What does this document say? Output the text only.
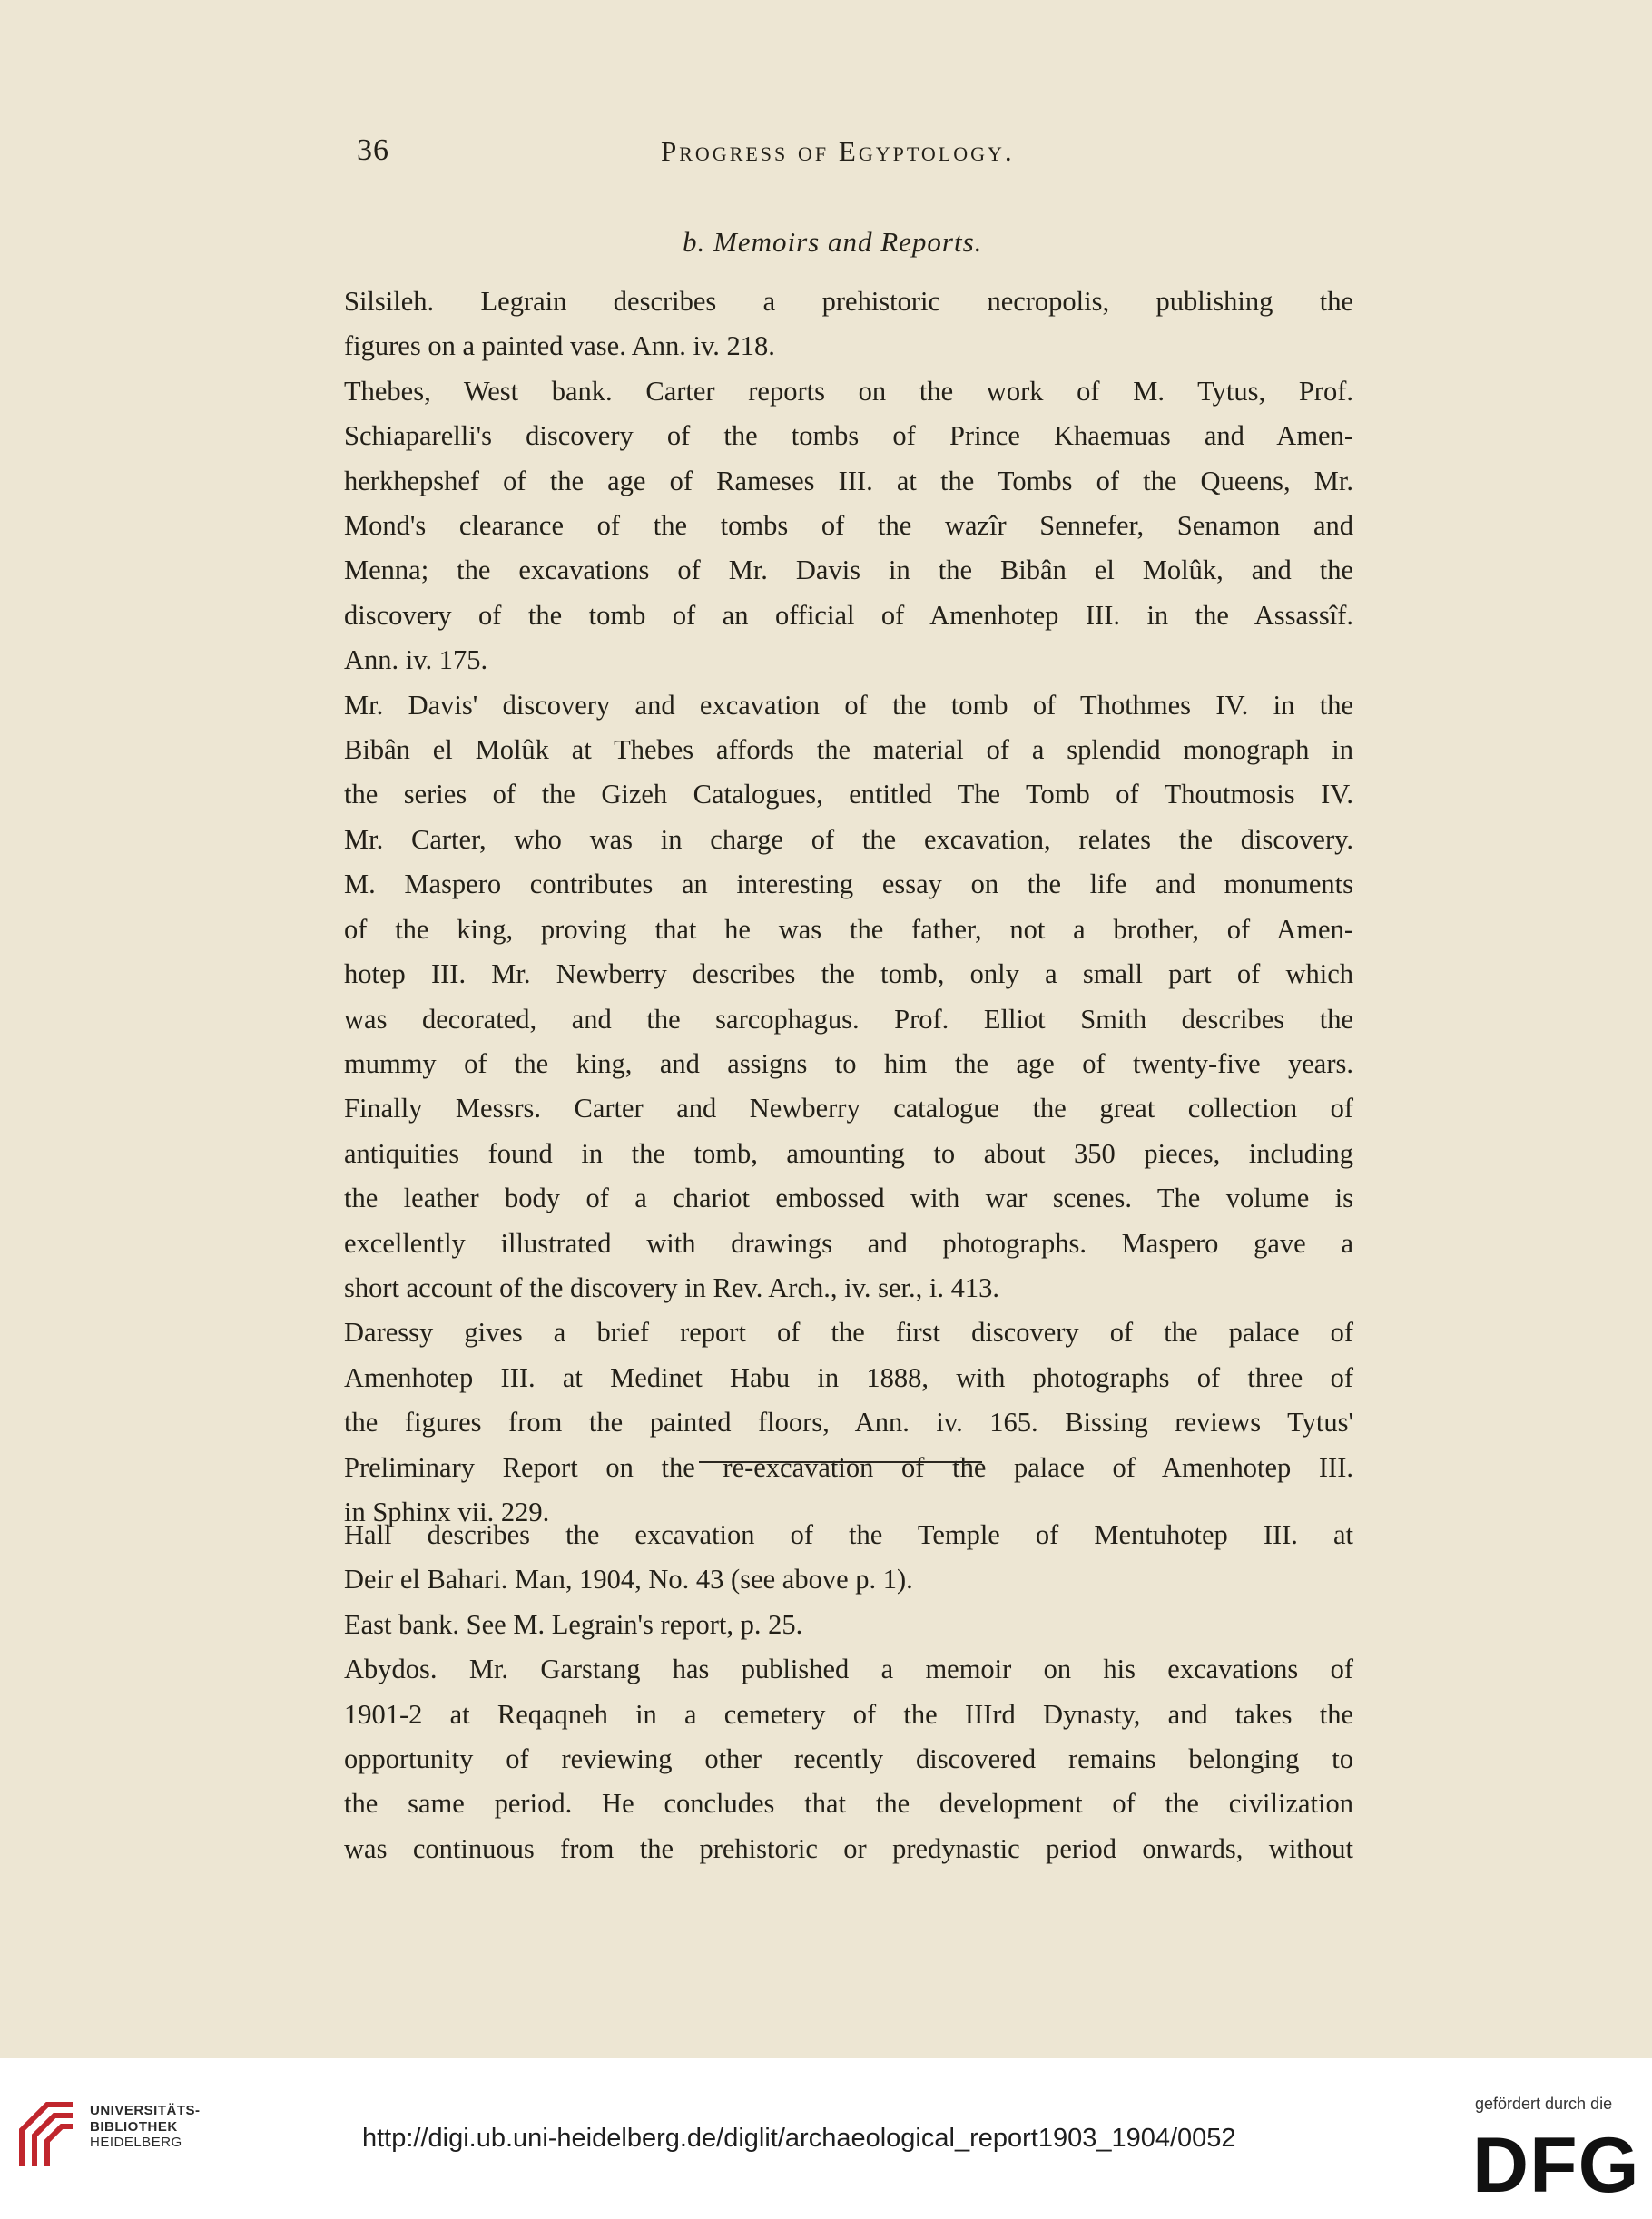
36	Progress of Egyptology.
b. Memoirs and Reports.
Silsileh. Legrain describes a prehistoric necropolis, publishing the
figures on a painted vase. Ann. iv. 218.
Thebes, West bank. Carter reports on the work of M. Tytus, Prof.
Schiaparelli's discovery of the tombs of Prince Khaemuas and Amen-
herkhepshef of the age of Rameses III. at the Tombs of the Queens, Mr.
Mond's clearance of the tombs of the wazîr Sennefer, Senamon and
Menna; the excavations of Mr. Davis in the Bibân el Molûk, and the
discovery of the tomb of an official of Amenhotep III. in the Assassîf.
Ann. iv. 175.
Mr. Davis' discovery and excavation of the tomb of Thothmes IV. in the
Bibân el Molûk at Thebes affords the material of a splendid monograph in
the series of the Gizeh Catalogues, entitled The Tomb of Thoutmosis IV.
Mr. Carter, who was in charge of the excavation, relates the discovery.
M. Maspero contributes an interesting essay on the life and monuments
of the king, proving that he was the father, not a brother, of Amen-
hotep III. Mr. Newberry describes the tomb, only a small part of which
was decorated, and the sarcophagus. Prof. Elliot Smith describes the
mummy of the king, and assigns to him the age of twenty-five years.
Finally Messrs. Carter and Newberry catalogue the great collection of
antiquities found in the tomb, amounting to about 350 pieces, including
the leather body of a chariot embossed with war scenes. The volume is
excellently illustrated with drawings and photographs. Maspero gave a
short account of the discovery in Rev. Arch., iv. ser., i. 413.
Daressy gives a brief report of the first discovery of the palace of
Amenhotep III. at Medinet Habu in 1888, with photographs of three of
the figures from the painted floors, Ann. iv. 165. Bissing reviews Tytus'
Preliminary Report on the re-excavation of the palace of Amenhotep III.
in Sphinx vii. 229.
Hall describes the excavation of the Temple of Mentuhotep III. at
Deir el Bahari. Man, 1904, No. 43 (see above p. 1).
East bank. See M. Legrain's report, p. 25.
Abydos. Mr. Garstang has published a memoir on his excavations of
1901-2 at Reqaqneh in a cemetery of the IIIrd Dynasty, and takes the
opportunity of reviewing other recently discovered remains belonging to
the same period. He concludes that the development of the civilization
was continuous from the prehistoric or predynastic period onwards, without
UNIVERSITÄTS-
BIBLIOTHEK
HEIDELBERG	http://digi.ub.uni-heidelberg.de/diglit/archaeological_report1903_1904/0052
gefördert durch die
DFG
